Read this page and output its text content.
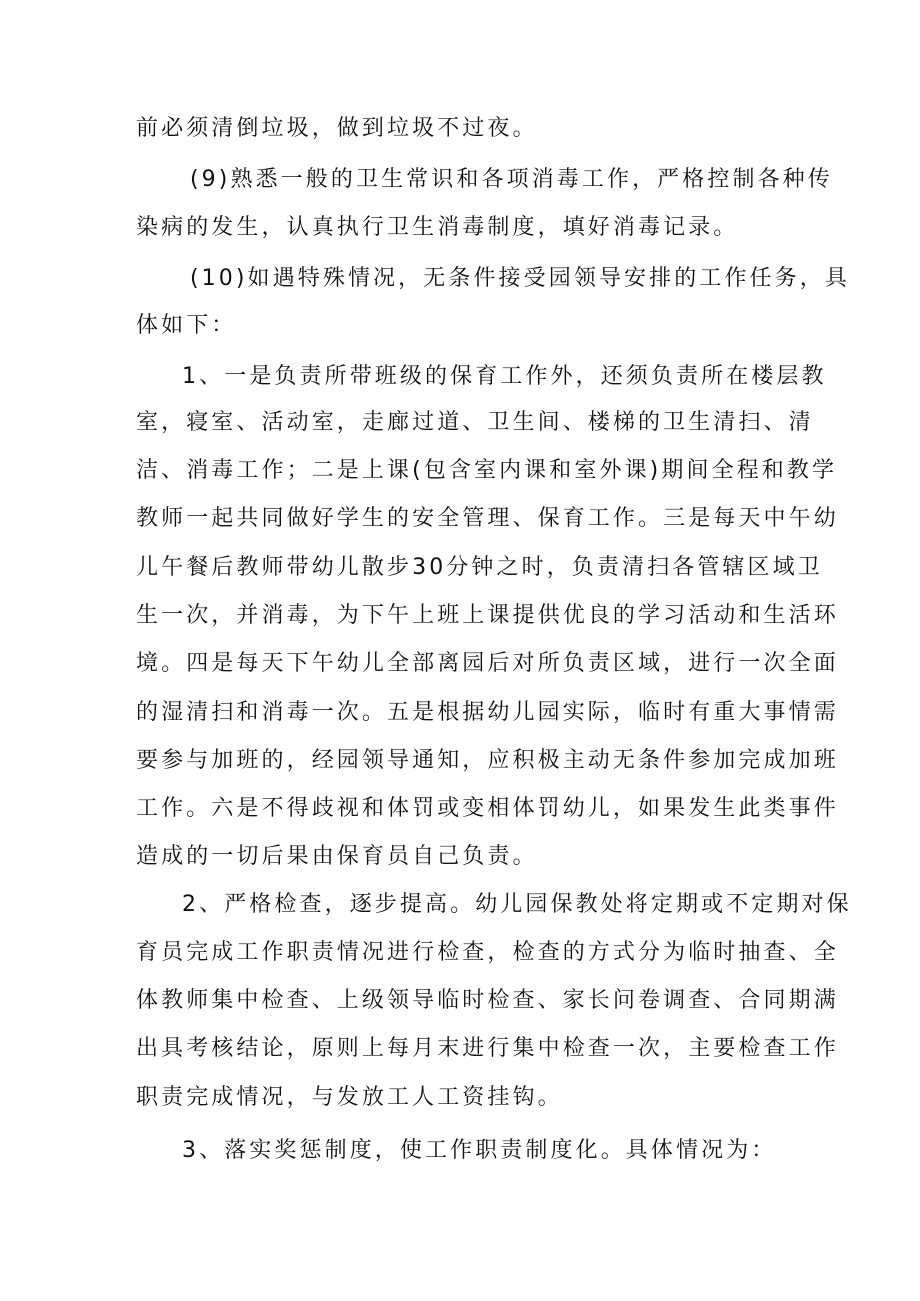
前必须清倒垃圾，做到垃圾不过夜。
(9)熟悉一般的卫生常识和各项消毒工作，严格控制各种传
染病的发生，认真执行卫生消毒制度，填好消毒记录。
(10)如遇特殊情况，无条件接受园领导安排的工作任务，具
体如下：
1、一是负责所带班级的保育工作外，还须负责所在楼层教
室，寝室、活动室，走廊过道、卫生间、楼梯的卫生清扫、清
洁、消毒工作；二是上课(包含室内课和室外课)期间全程和教学
教师一起共同做好学生的安全管理、保育工作。三是每天中午幼
儿午餐后教师带幼儿散步30分钟之时，负责清扫各管辖区域卫
生一次，并消毒，为下午上班上课提供优良的学习活动和生活环
境。四是每天下午幼儿全部离园后对所负责区域，进行一次全面
的湿清扫和消毒一次。五是根据幼儿园实际，临时有重大事情需
要参与加班的，经园领导通知，应积极主动无条件参加完成加班
工作。六是不得歧视和体罚或变相体罚幼儿，如果发生此类事件
造成的一切后果由保育员自己负责。
2、严格检查，逐步提高。幼儿园保教处将定期或不定期对保
育员完成工作职责情况进行检查，检查的方式分为临时抽查、全
体教师集中检查、上级领导临时检查、家长问卷调查、合同期满
出具考核结论，原则上每月末进行集中检查一次，主要检查工作
职责完成情况，与发放工人工资挂钩。
3、落实奖惩制度，使工作职责制度化。具体情况为：
